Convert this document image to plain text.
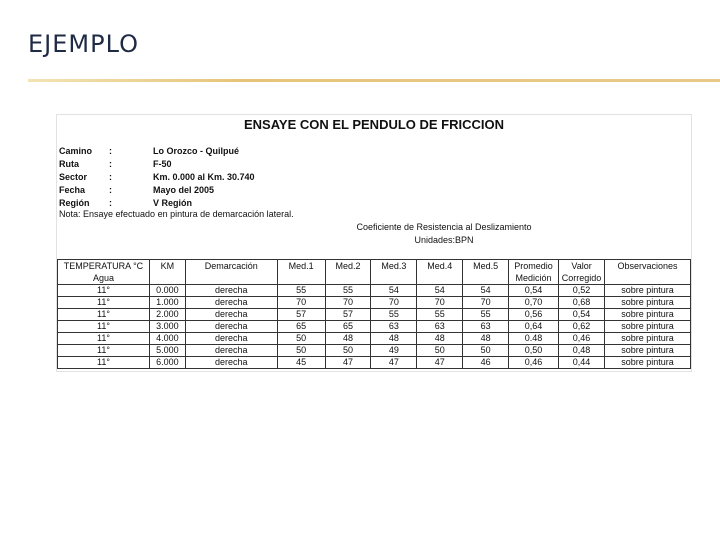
EJEMPLO
ENSAYE CON EL PENDULO DE FRICCION
Camino :	Lo Orozco - Quilpué
Ruta	:	F-50
Sector :	Km. 0.000 al Km. 30.740
Fecha	:	Mayo del 2005
Región :	V Región
Nota: Ensaye efectuado en pintura de demarcación lateral.
Coeficiente de Resistencia al Deslizamiento
Unidades:BPN
TEMPERATURA °C	KM	Demarcación	Med.1	Med.2	Med.3	Med.4	Med.5	Promedio	Valor	Observaciones
Agua								Medición	Corregido	
11°	0.000	derecha	55	55	54	54	54	0,54	0,52	sobre pintura
11°	1.000	derecha	70	70	70	70	70	0,70	0,68	sobre pintura
11°	2.000	derecha	57	57	55	55	55	0,56	0,54	sobre pintura
11°	3.000	derecha	65	65	63	63	63	0,64	0,62	sobre pintura
11°	4.000	derecha	50	48	48	48	48	0.48	0,46	sobre pintura
11°	5.000	derecha	50	50	49	50	50	0,50	0,48	sobre pintura
11°	6.000	derecha	45	47	47	47	46	0,46	0,44	sobre pintura
